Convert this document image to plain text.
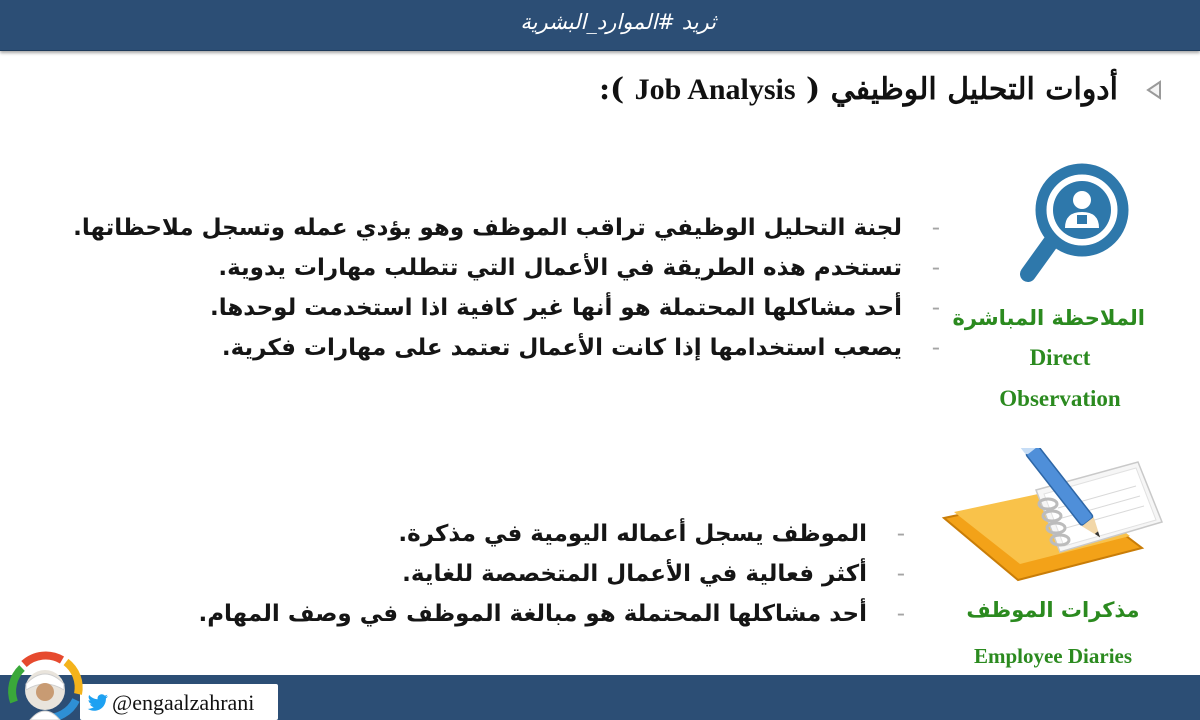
ثريد #الموارد_البشرية
أدوات التحليل الوظيفي ( Job Analysis ):
الملاحظة المباشرة
Direct
Observation
-
لجنة التحليل الوظيفي تراقب الموظف وهو يؤدي عمله وتسجل ملاحظاتها.
-
تستخدم هذه الطريقة في الأعمال التي تتطلب مهارات يدوية.
-
أحد مشاكلها المحتملة هو أنها غير كافية اذا استخدمت لوحدها.
-
يصعب استخدامها إذا كانت الأعمال تعتمد على مهارات فكرية.
مذكرات الموظف
Employee Diaries
-
الموظف يسجل أعماله اليومية في مذكرة.
-
أكثر فعالية في الأعمال المتخصصة للغاية.
-
أحد مشاكلها المحتملة هو مبالغة الموظف في وصف المهام.
@engaalzahrani
